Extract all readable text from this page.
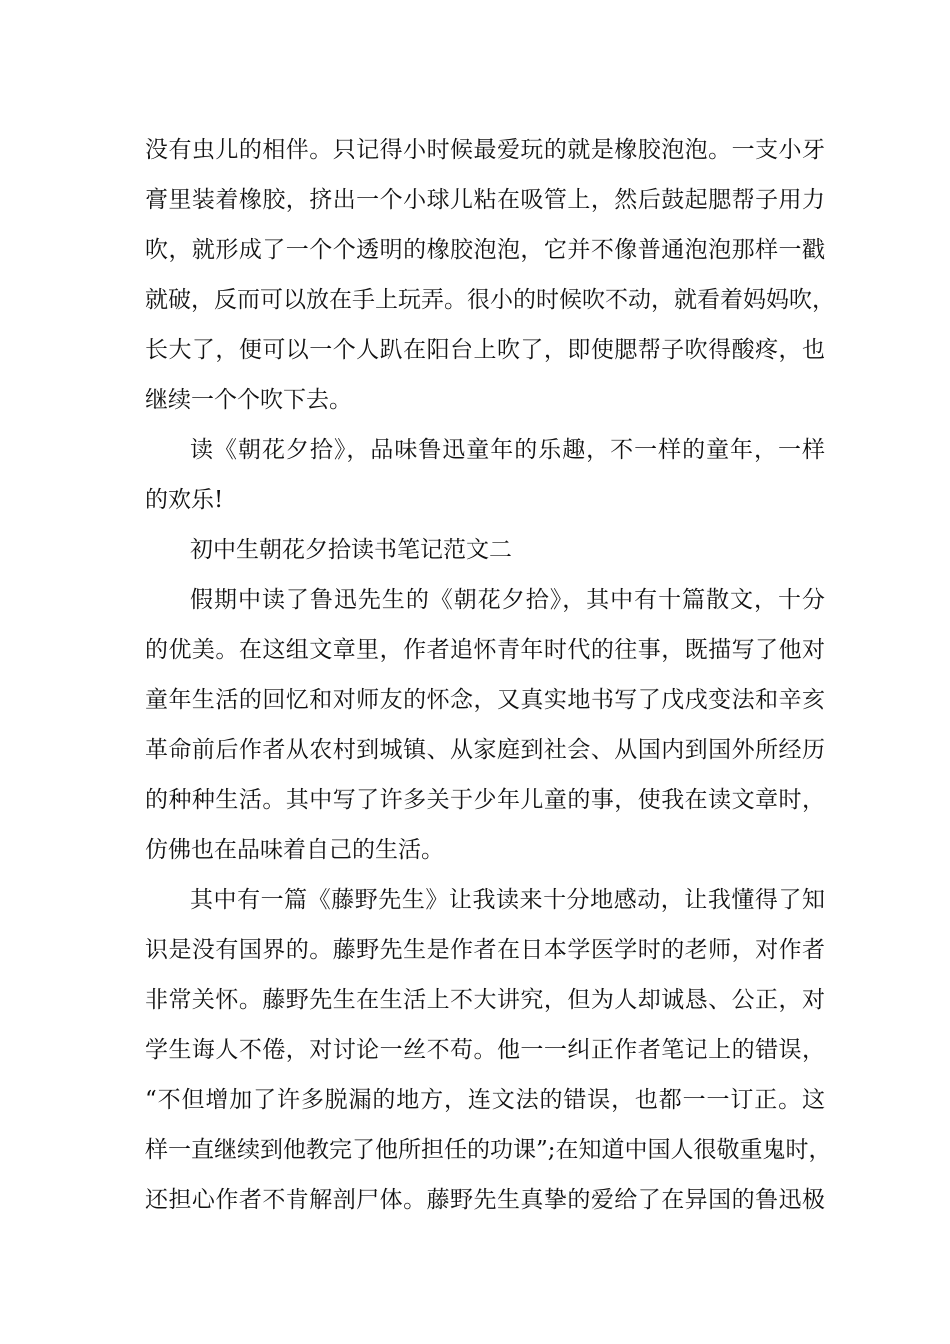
没有虫儿的相伴。只记得小时候最爱玩的就是橡胶泡泡。一支小牙

膏里装着橡胶，挤出一个小球儿粘在吸管上，然后鼓起腮帮子用力

吹，就形成了一个个透明的橡胶泡泡，它并不像普通泡泡那样一戳

就破，反而可以放在手上玩弄。很小的时候吹不动，就看着妈妈吹，

长大了，便可以一个人趴在阳台上吹了，即使腮帮子吹得酸疼，也

继续一个个吹下去。

读《朝花夕拾》，品味鲁迅童年的乐趣，不一样的童年，一样

的欢乐!

初中生朝花夕拾读书笔记范文二

假期中读了鲁迅先生的《朝花夕拾》，其中有十篇散文，十分

的优美。在这组文章里，作者追怀青年时代的往事，既描写了他对

童年生活的回忆和对师友的怀念，又真实地书写了戊戌变法和辛亥

革命前后作者从农村到城镇、从家庭到社会、从国内到国外所经历

的种种生活。其中写了许多关于少年儿童的事，使我在读文章时，

仿佛也在品味着自己的生活。

其中有一篇《藤野先生》让我读来十分地感动，让我懂得了知

识是没有国界的。藤野先生是作者在日本学医学时的老师，对作者

非常关怀。藤野先生在生活上不大讲究，但为人却诚恳、公正，对

学生诲人不倦，对讨论一丝不苟。他一一纠正作者笔记上的错误，

“不但增加了许多脱漏的地方，连文法的错误，也都一一订正。这

样一直继续到他教完了他所担任的功课”;在知道中国人很敬重鬼时，

还担心作者不肯解剖尸体。藤野先生真挚的爱给了在异国的鲁迅极
